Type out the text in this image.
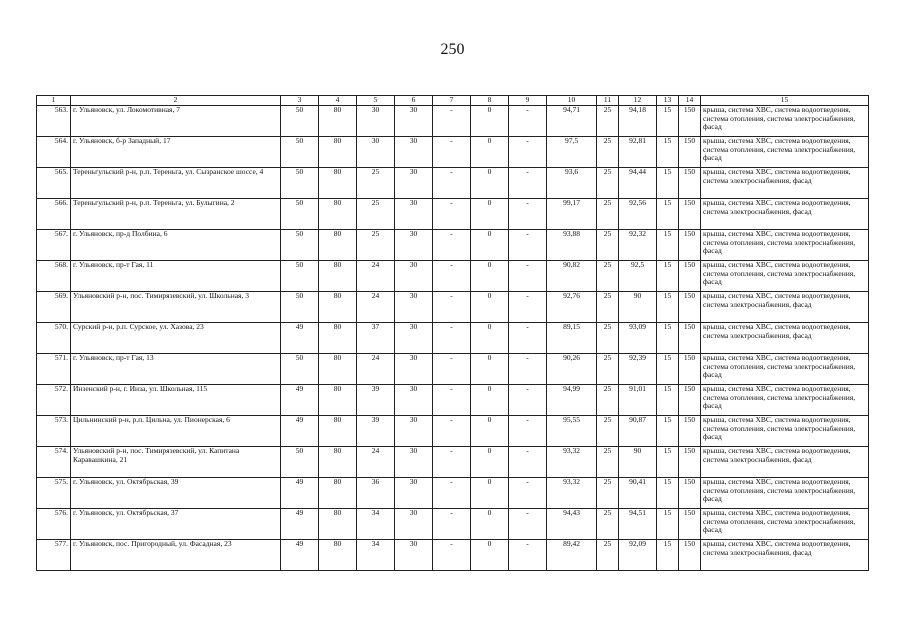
250
1	2	3	4	5	6	7	8	9	10	11	12	13	14	15
563.	г. Ульяновск, ул. Локомотивная, 7	50	80	30	30	-	0	-	94,71	25	94,18	15	150	крыша, система ХВС, система водоотведения, система отопления, система электроснабжения, фасад
564.	г. Ульяновск, б-р Западный, 17	50	80	30	30	-	0	-	97,5	25	92,81	15	150	крыша, система ХВС, система водоотведения, система отопления, система электроснабжения, фасад
565.	Тереньгульский р-н, р.п. Тереньга, ул. Сызранское шоссе, 4	50	80	25	30	-	0	-	93,6	25	94,44	15	150	крыша, система ХВС, система водоотведения, система электроснабжения, фасад
566.	Тереньгульский р-н, р.п. Тереньга, ул. Булыгина, 2	50	80	25	30	-	0	-	99,17	25	92,56	15	150	крыша, система ХВС, система водоотведения, система электроснабжения, фасад
567.	г. Ульяновск, пр-д Полбина, 6	50	80	25	30	-	0	-	93,88	25	92,32	15	150	крыша, система ХВС, система водоотведения, система отопления, система электроснабжения, фасад
568.	г. Ульяновск, пр-т Гая, 11	50	80	24	30	-	0	-	90,82	25	92,5	15	150	крыша, система ХВС, система водоотведения, система отопления, система электроснабжения, фасад
569.	Ульяновский р-н, пос. Тимирязевский, ул. Школьная, 3	50	80	24	30	-	0	-	92,76	25	90	15	150	крыша, система ХВС, система водоотведения, система электроснабжения, фасад
570.	Сурский р-н, р.п. Сурское, ул. Хазова, 23	49	80	37	30	-	0	-	89,15	25	93,09	15	150	крыша, система ХВС, система водоотведения, система электроснабжения, фасад
571.	г. Ульяновск, пр-т Гая, 13	50	80	24	30	-	0	-	90,26	25	92,39	15	150	крыша, система ХВС, система водоотведения, система отопления, система электроснабжения, фасад
572.	Инзенский р-н, г. Инза, ул. Школьная, 115	49	80	39	30	-	0	-	94,99	25	91,01	15	150	крыша, система ХВС, система водоотведения, система отопления, система электроснабжения, фасад
573.	Цильнинский р-н, р.п. Цильна, ул. Пионерская, 6	49	80	39	30	-	0	-	95,55	25	90,87	15	150	крыша, система ХВС, система водоотведения, система отопления, система электроснабжения, фасад
574.	Ульяновский р-н, пос. Тимирязевский, ул. Капитана Каравашкина, 21	50	80	24	30	-	0	-	93,32	25	90	15	150	крыша, система ХВС, система водоотведения, система электроснабжения, фасад
575.	г. Ульяновск, ул. Октябрьская, 39	49	80	36	30	-	0	-	93,32	25	90,41	15	150	крыша, система ХВС, система водоотведения, система отопления, система электроснабжения, фасад
576.	г. Ульяновск, ул. Октябрьская, 37	49	80	34	30	-	0	-	94,43	25	94,51	15	150	крыша, система ХВС, система водоотведения, система отопления, система электроснабжения, фасад
577.	г. Ульяновск, пос. Пригородный, ул. Фасадная, 23	49	80	34	30	-	0	-	89,42	25	92,09	15	150	крыша, система ХВС, система водоотведения, система электроснабжения, фасад
